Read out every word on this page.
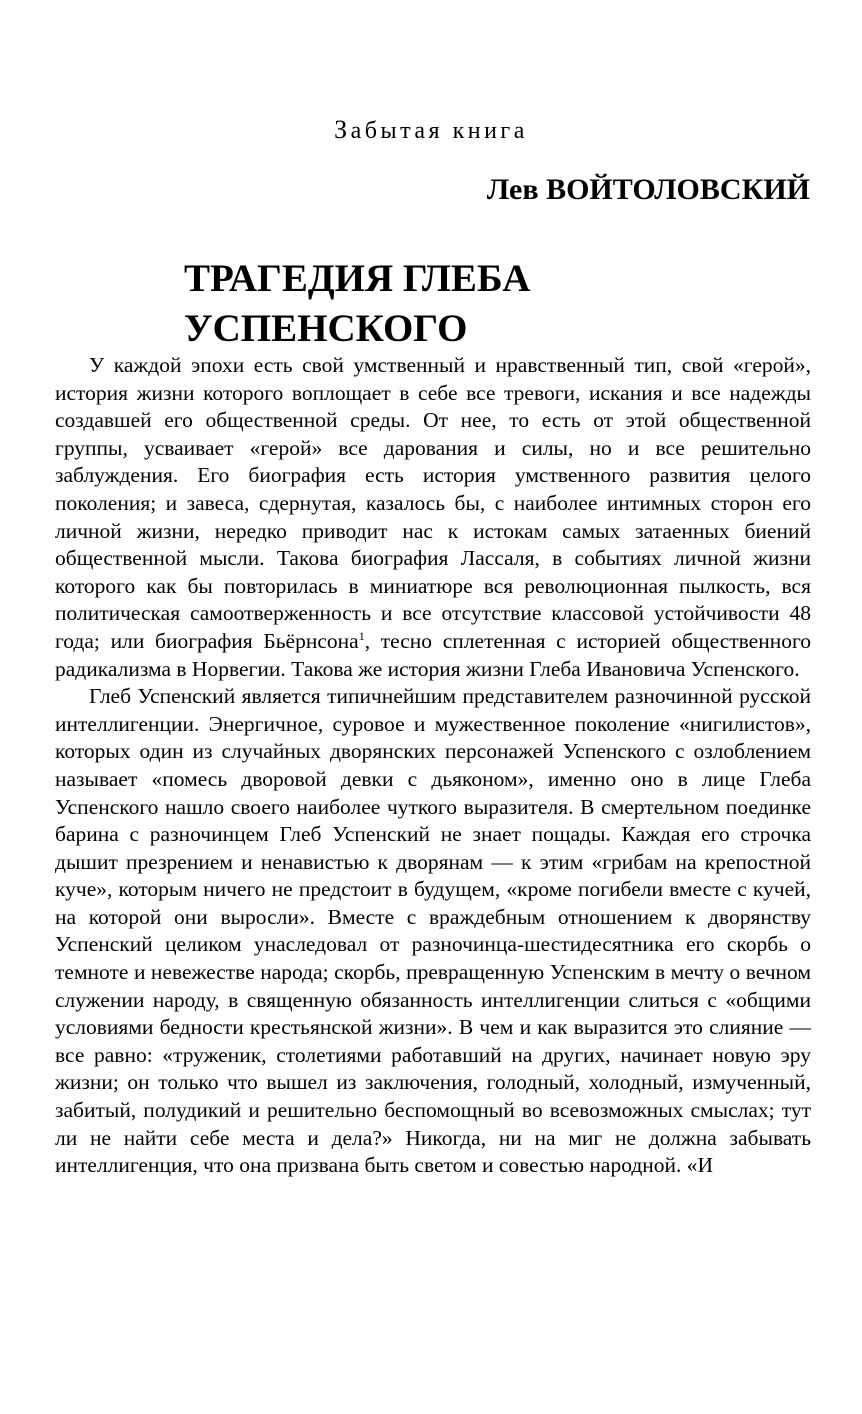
Забытая книга
Лев ВОЙТОЛОВСКИЙ
ТРАГЕДИЯ ГЛЕБА
УСПЕНСКОГО

У каждой эпохи есть свой умственный и нравственный тип, свой «герой», история жизни которого воплощает в себе все тревоги, искания и все надежды создавшей его общественной среды. От нее, то есть от этой общественной группы, усваивает «герой» все дарования и силы, но и все решительно заблуждения. Его биография есть история умственного развития целого поколения; и завеса, сдернутая, казалось бы, с наиболее интимных сторон его личной жизни, нередко приводит нас к истокам самых затаенных биений общественной мысли. Такова биография Лассаля, в событиях личной жизни которого как бы повторилась в миниатюре вся революционная пылкость, вся политическая самоотверженность и все отсутствие классовой устойчивости 48 года; или биография Бьёрнсона$^1$, тесно сплетенная с историей общественного радикализма в Норвегии. Такова же история жизни Глеба Ивановича Успенского.

Глеб Успенский является типичнейшим представителем разночинной русской интеллигенции. Энергичное, суровое и мужественное поколение «нигилистов», которых один из случайных дворянских персонажей Успенского с озлоблением называет «помесь дворовой девки с дьяконом», именно оно в лице Глеба Успенского нашло своего наиболее чуткого выразителя. В смертельном поединке барина с разночинцем Глеб Успенский не знает пощады. Каждая его строчка дышит презрением и ненавистью к дворянам — к этим «грибам на крепостной куче», которым ничего не предстоит в будущем, «кроме погибели вместе с кучей, на которой они выросли». Вместе с враждебным отношением к дворянству Успенский целиком унаследовал от разночинца-шестидесятника его скорбь о темноте и невежестве народа; скорбь, превращенную Успенским в мечту о вечном служении народу, в священную обязанность интеллигенции слиться с «общими условиями бедности крестьянской жизни». В чем и как выразится это слияние — все равно: «труженик, столетиями работавший на других, начинает новую эру жизни; он только что вышел из заключения, голодный, холодный, измученный, забитый, полудикий и решительно беспомощный во всевозможных смыслах; тут ли не найти себе места и дела?» Никогда, ни на миг не должна забывать интеллигенция, что она призвана быть светом и совестью народной. «И
